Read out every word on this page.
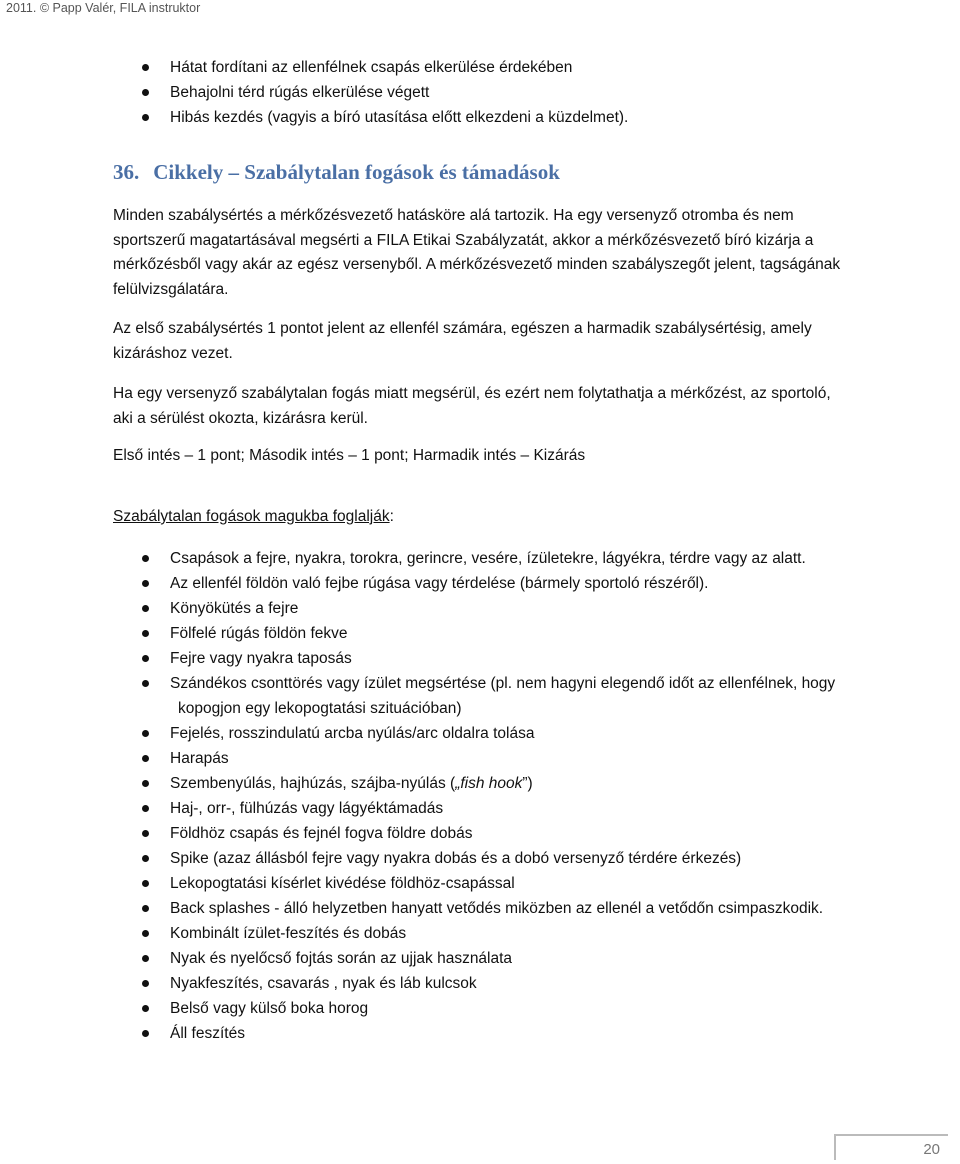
2011. © Papp Valér, FILA instruktor
Hátat fordítani az ellenfélnek csapás elkerülése érdekében
Behajolni térd rúgás elkerülése végett
Hibás kezdés (vagyis a bíró utasítása előtt elkezdeni a küzdelmet).
36. Cikkely – Szabálytalan fogások és támadások
Minden szabálysértés a mérkőzésvezető hatásköre alá tartozik. Ha egy versenyző otromba és nem
sportszerű magatartásával megsérti a FILA Etikai Szabályzatát, akkor a mérkőzésvezető bíró kizárja a
mérkőzésből vagy akár az egész versenyből. A mérkőzésvezető minden szabályszegőt jelent, tagságának
felülvizsgálatára.
Az első szabálysértés 1 pontot jelent az ellenfél számára, egészen a harmadik szabálysértésig, amely
kizáráshoz vezet.
Ha egy versenyző szabálytalan fogás miatt megsérül, és ezért nem folytathatja a mérkőzést, az sportoló,
aki a sérülést okozta, kizárásra kerül.
Első intés – 1 pont; Második intés – 1 pont; Harmadik intés – Kizárás
Szabálytalan fogások magukba foglalják:
Csapások a fejre, nyakra, torokra, gerincre, vesére, ízületekre, lágyékra, térdre vagy az alatt.
Az ellenfél földön való fejbe rúgása vagy térdelése (bármely sportoló részéről).
Könyökütés a fejre
Fölfelé rúgás földön fekve
Fejre vagy nyakra taposás
Szándékos csonttörés vagy ízület megsértése (pl. nem hagyni elegendő időt az ellenfélnek, hogy
kopogjon egy lekopogtatási szituációban)
Fejelés, rosszindulatú arcba nyúlás/arc oldalra tolása
Harapás
Szembenyúlás, hajhúzás, szájba-nyúlás („fish hook”)
Haj-, orr-, fülhúzás vagy lágyéktámadás
Földhöz csapás és fejnél fogva földre dobás
Spike (azaz állásból fejre vagy nyakra dobás és a dobó versenyző térdére érkezés)
Lekopogtatási kísérlet kivédése földhöz-csapással
Back splashes - álló helyzetben hanyatt vetődés miközben az ellenél a vetődőn csimpaszkodik.
Kombinált ízület-feszítés és dobás
Nyak és nyelőcső fojtás során az ujjak használata
Nyakfeszítés, csavarás , nyak és láb kulcsok
Belső vagy külső boka horog
Áll feszítés
20
